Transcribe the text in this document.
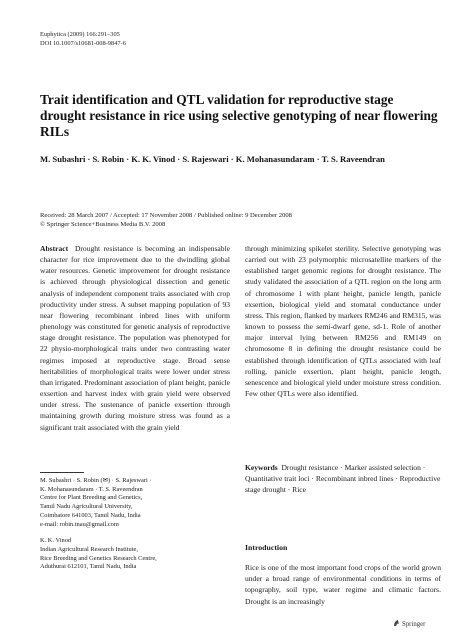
Euphytica (2009) 166:291–305
DOI 10.1007/s10681-008-9847-6
Trait identification and QTL validation for reproductive stage drought resistance in rice using selective genotyping of near flowering RILs
M. Subashri · S. Robin · K. K. Vinod · S. Rajeswari · K. Mohanasundaram · T. S. Raveendran
Received: 28 March 2007 / Accepted: 17 November 2008 / Published online: 9 December 2008
© Springer Science+Business Media B.V. 2008

Abstract Drought resistance is becoming an indispensable character for rice improvement due to the dwindling global water resources. Genetic improvement for drought resistance is achieved through physiological dissection and genetic analysis of independent component traits associated with crop productivity under stress. A subset mapping population of 93 near flowering recombinant inbred lines with uniform phenology was constituted for genetic analysis of reproductive stage drought resistance. The population was phenotyped for 22 physio-morphological traits under two contrasting water regimes imposed at reproductive stage. Broad sense heritabilities of morphological traits were lower under stress than irrigated. Predominant association of plant height, panicle exsertion and harvest index with grain yield were observed under stress. The sustenance of panicle exsertion through maintaining growth during moisture stress was found as a significant trait associated with the grain yield

through minimizing spikelet sterility. Selective genotyping was carried out with 23 polymorphic microsatellite markers of the established target genomic regions for drought resistance. The study validated the association of a QTL region on the long arm of chromosome 1 with plant height, panicle length, panicle exsertion, biological yield and stomatal conductance under stress. This region, flanked by markers RM246 and RM315, was known to possess the semi-dwarf gene, sd-1. Role of another major interval lying between RM256 and RM149 on chromosome 8 in defining the drought resistance could be established through identification of QTLs associated with leaf rolling, panicle exsertion, plant height, panicle length, senescence and biological yield under moisture stress condition. Few other QTLs were also identified.

M. Subashri · S. Robin (✉) · S. Rajeswari ·

K. Mohanasundaram · T. S. Raveendran

Centre for Plant Breeding and Genetics,

Tamil Nadu Agricultural University,

Coimbatore 641003, Tamil Nadu, India

e-mail: robin.tnau@gmail.com

K. K. Vinod

Indian Agricultural Research Institute,

Rice Breeding and Genetics Research Centre,

Aduthurai 612101, Tamil Nadu, India

Keywords Drought resistance · Marker assisted selection · Quantitative trait loci · Recombinant inbred lines · Reproductive stage drought · Rice

Introduction

Rice is one of the most important food crops of the world grown under a broad range of environmental conditions in terms of topography, soil type, water regime and climatic factors. Drought is an increasingly

Springer
